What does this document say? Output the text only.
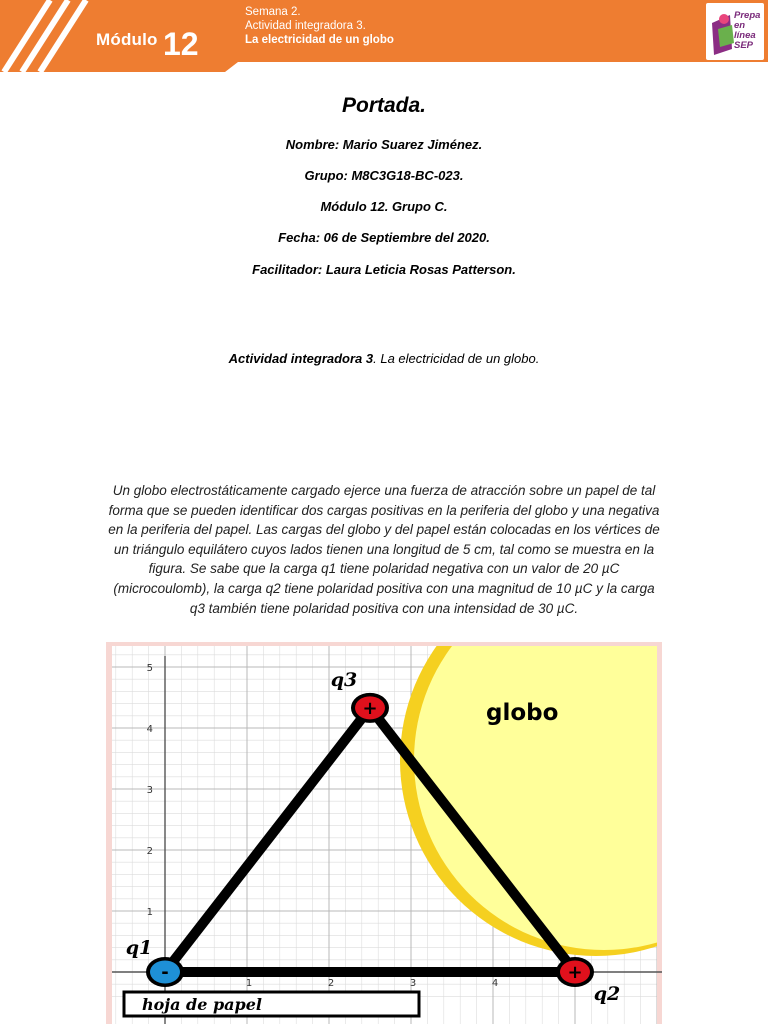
Módulo 12
Semana 2.
Actividad integradora 3.
La electricidad de un globo
Prepa en línea SEP
Portada.
Nombre: Mario Suarez Jiménez.
Grupo: M8C3G18-BC-023.
Módulo 12. Grupo C.
Fecha: 06 de Septiembre del 2020.
Facilitador: Laura Leticia Rosas Patterson.
Actividad integradora 3. La electricidad de un globo.
Un globo electrostáticamente cargado ejerce una fuerza de atracción sobre un papel de tal forma que se pueden identificar dos cargas positivas en la periferia del globo y una negativa en la periferia del papel. Las cargas del globo y del papel están colocadas en los vértices de un triángulo equilátero cuyos lados tienen una longitud de 5 cm, tal como se muestra en la figura. Se sabe que la carga q1 tiene polaridad negativa con un valor de 20 µC (microcoulomb), la carga q2 tiene polaridad positiva con una magnitud de 10 µC y la carga q3 también tiene polaridad positiva con una intensidad de 30 µC.
1
2
3
4
5
1	2	3	4
-
q1
+
q2
+
q3
globo
hoja de papel
